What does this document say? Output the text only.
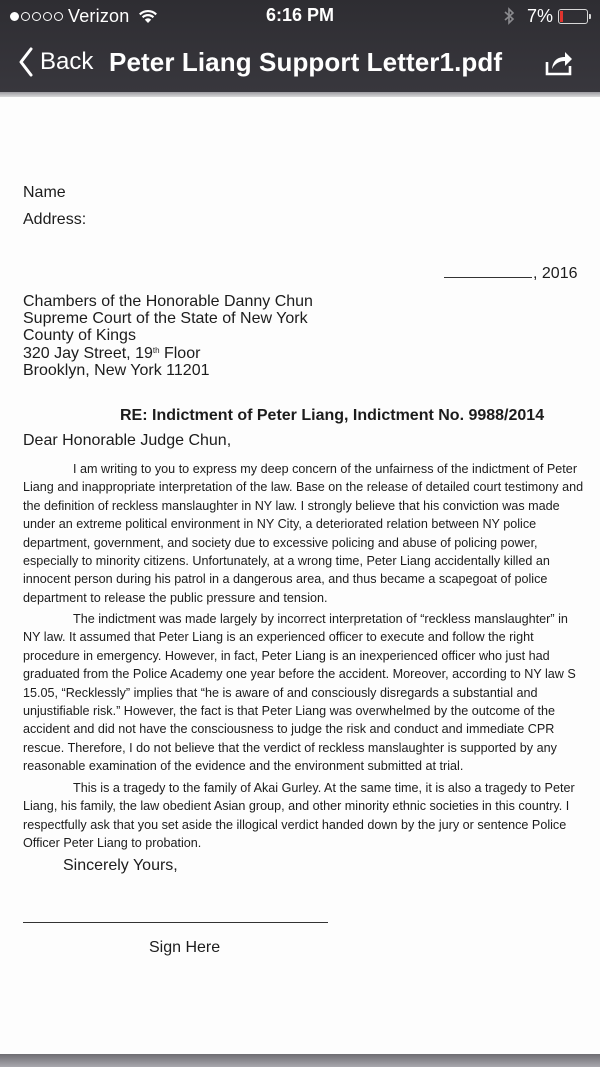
Verizon	6:16 PM	7%
Back Peter Liang Support Letter1.pdf
Name
Address:
, 2016
Chambers of the Honorable Danny Chun
Supreme Court of the State of New York
County of Kings
320 Jay Street, 19th Floor
Brooklyn, New York 11201
RE: Indictment of Peter Liang, Indictment No. 9988/2014
Dear Honorable Judge Chun,
I am writing to you to express my deep concern of the unfairness of the indictment of Peter Liang and inappropriate interpretation of the law. Base on the release of detailed court testimony and the definition of reckless manslaughter in NY law. I strongly believe that his conviction was made under an extreme political environment in NY City, a deteriorated relation between NY police department, government, and society due to excessive policing and abuse of policing power, especially to minority citizens. Unfortunately, at a wrong time, Peter Liang accidentally killed an innocent person during his patrol in a dangerous area, and thus became a scapegoat of police department to release the public pressure and tension.
The indictment was made largely by incorrect interpretation of “reckless manslaughter” in NY law. It assumed that Peter Liang is an experienced officer to execute and follow the right procedure in emergency. However, in fact, Peter Liang is an inexperienced officer who just had graduated from the Police Academy one year before the accident. Moreover, according to NY law S 15.05, “Recklessly” implies that “he is aware of and consciously disregards a substantial and unjustifiable risk.” However, the fact is that Peter Liang was overwhelmed by the outcome of the accident and did not have the consciousness to judge the risk and conduct and immediate CPR rescue. Therefore, I do not believe that the verdict of reckless manslaughter is supported by any reasonable examination of the evidence and the environment submitted at trial.
This is a tragedy to the family of Akai Gurley. At the same time, it is also a tragedy to Peter Liang, his family, the law obedient Asian group, and other minority ethnic societies in this country. I respectfully ask that you set aside the illogical verdict handed down by the jury or sentence Police Officer Peter Liang to probation.
Sincerely Yours,
Sign Here
